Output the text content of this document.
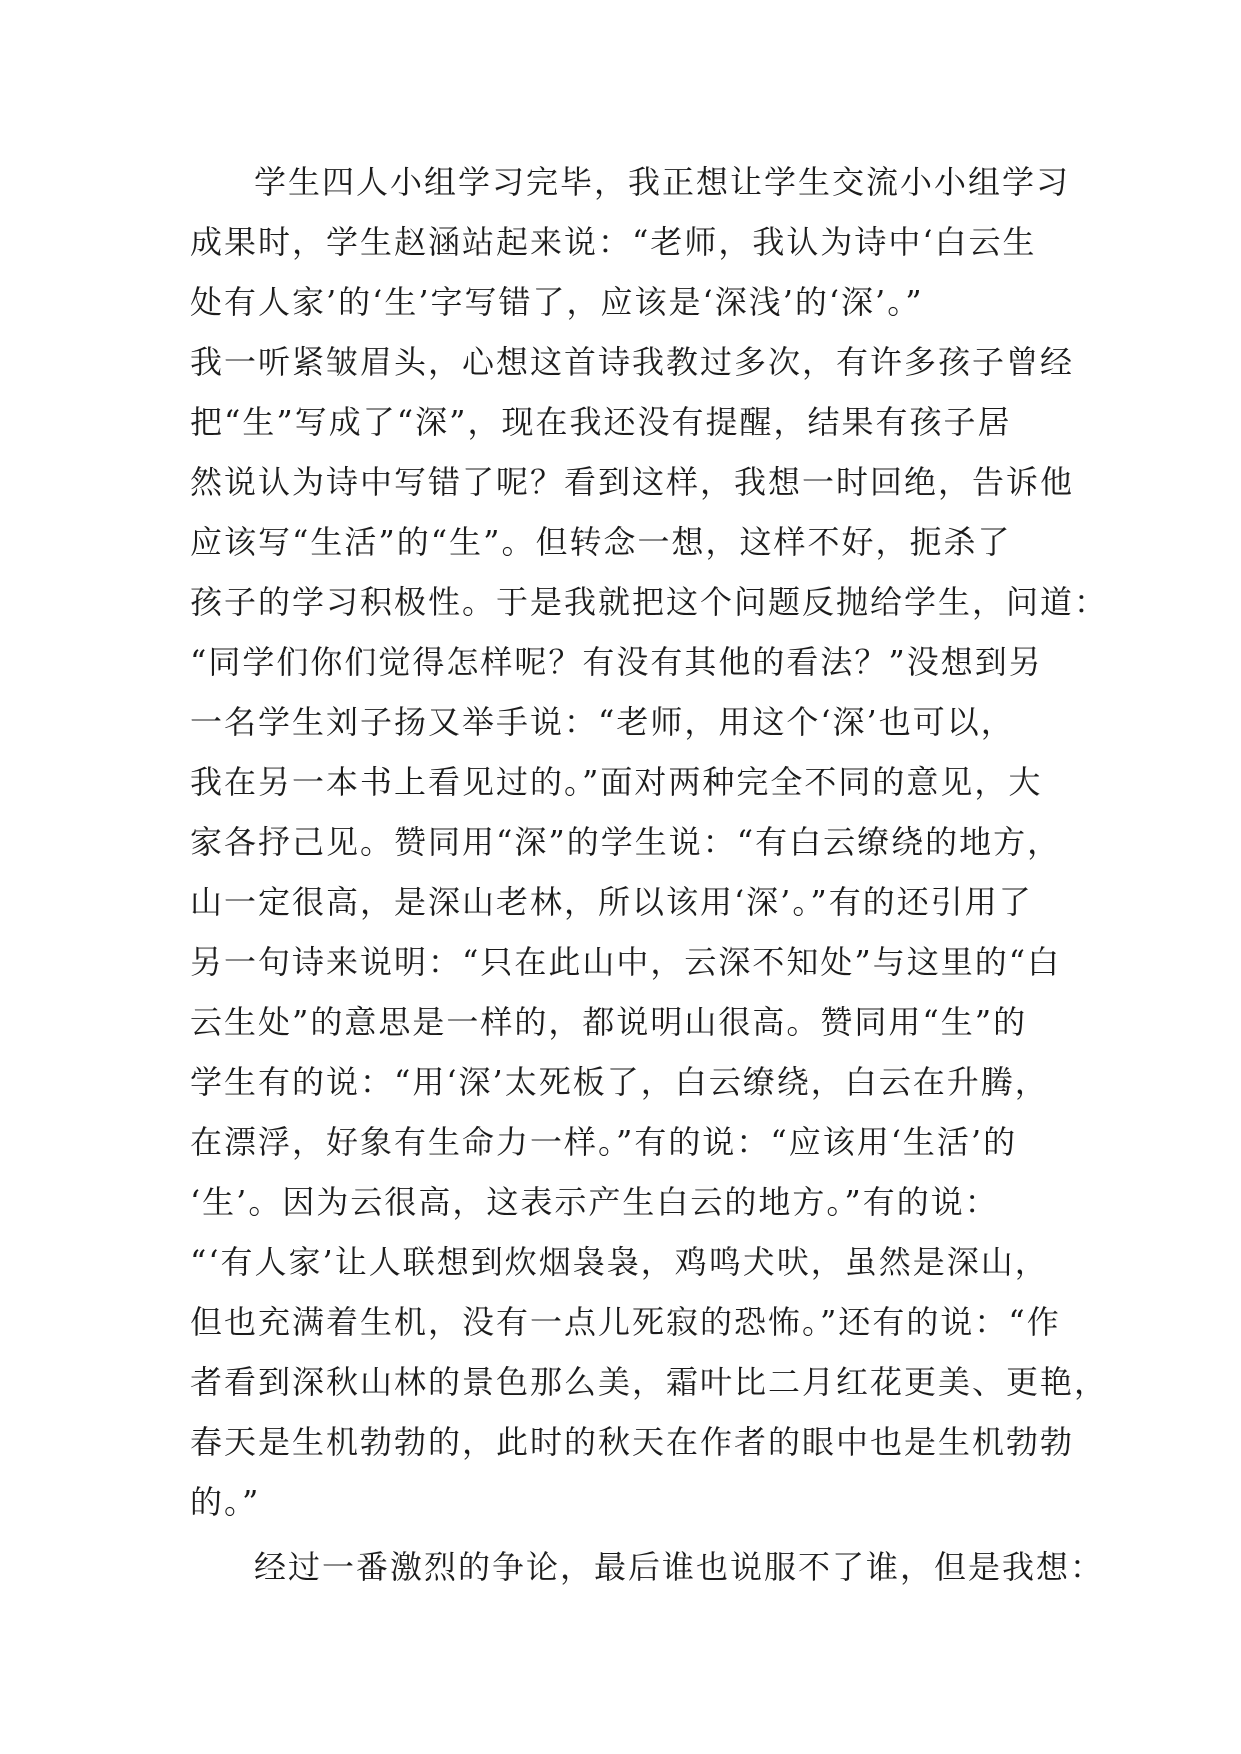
学生四人小组学习完毕，我正想让学生交流小小组学习
成果时，学生赵涵站起来说：“老师，我认为诗中‘白云生
处有人家’的‘生’字写错了，应该是‘深浅’的‘深’。”
我一听紧皱眉头，心想这首诗我教过多次，有许多孩子曾经
把“生”写成了“深”，现在我还没有提醒，结果有孩子居
然说认为诗中写错了呢？看到这样，我想一时回绝，告诉他
应该写“生活”的“生”。但转念一想，这样不好，扼杀了
孩子的学习积极性。于是我就把这个问题反抛给学生，问道：
“同学们你们觉得怎样呢？有没有其他的看法？”没想到另
一名学生刘子扬又举手说：“老师，用这个‘深’也可以，
我在另一本书上看见过的。”面对两种完全不同的意见，大
家各抒己见。赞同用“深”的学生说：“有白云缭绕的地方，
山一定很高，是深山老林，所以该用‘深’。”有的还引用了
另一句诗来说明：“只在此山中，云深不知处”与这里的“白
云生处”的意思是一样的，都说明山很高。赞同用“生”的
学生有的说：“用‘深’太死板了，白云缭绕，白云在升腾，
在漂浮，好象有生命力一样。”有的说：“应该用‘生活’的
‘生’。因为云很高，这表示产生白云的地方。”有的说：
“‘有人家’让人联想到炊烟袅袅，鸡鸣犬吠，虽然是深山，
但也充满着生机，没有一点儿死寂的恐怖。”还有的说：“作
者看到深秋山林的景色那么美，霜叶比二月红花更美、更艳，
春天是生机勃勃的，此时的秋天在作者的眼中也是生机勃勃
的。”
经过一番激烈的争论，最后谁也说服不了谁，但是我想：
